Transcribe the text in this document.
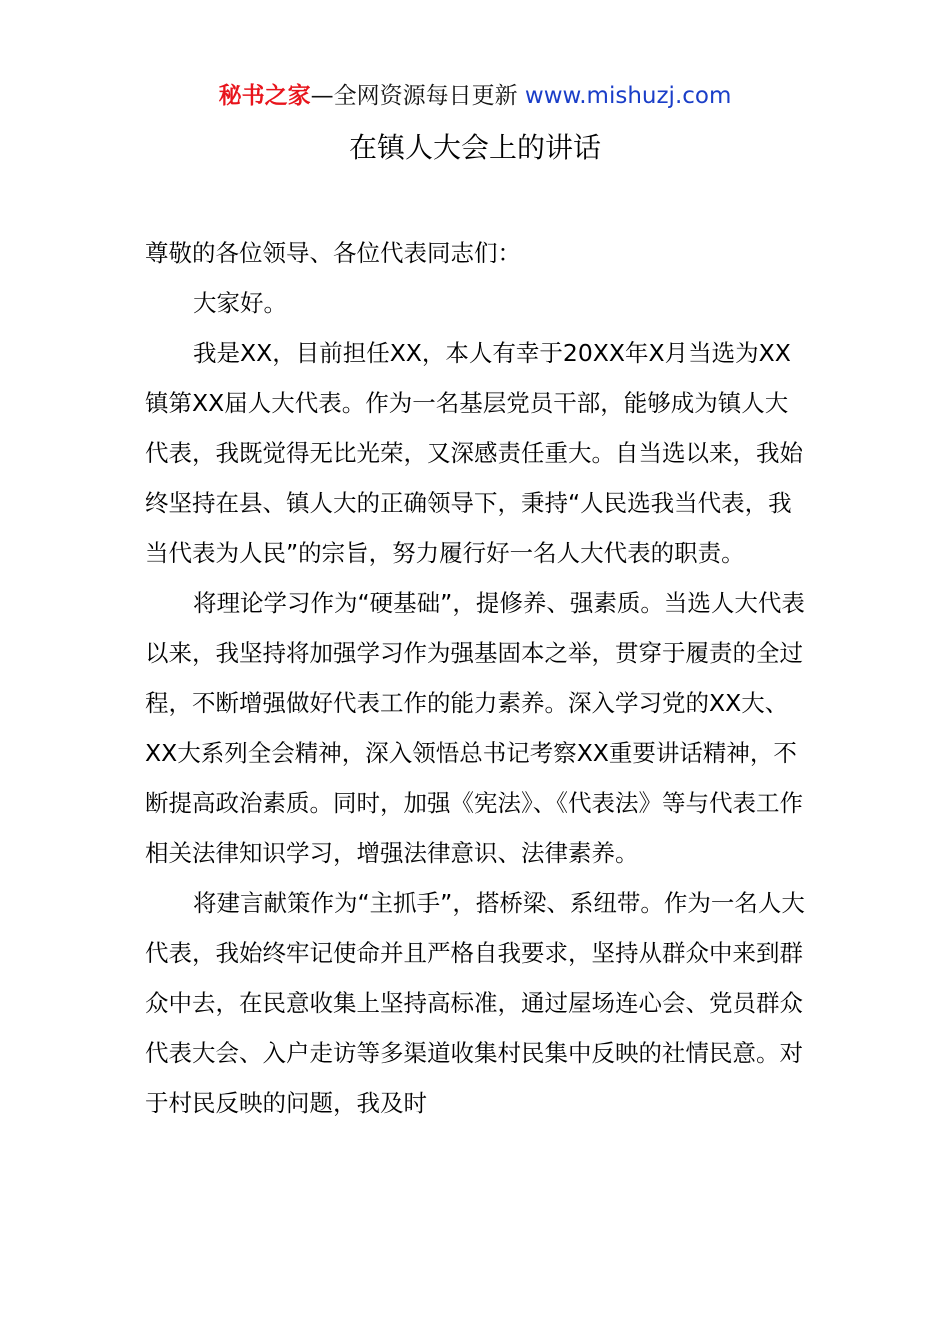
秘书之家—全网资源每日更新 www.mishuzj.com
在镇人大会上的讲话

尊敬的各位领导、各位代表同志们：

大家好。

我是XX，目前担任XX，本人有幸于20XX年X月当选为XX镇第XX届人大代表。作为一名基层党员干部，能够成为镇人大代表，我既觉得无比光荣，又深感责任重大。自当选以来，我始终坚持在县、镇人大的正确领导下，秉持“人民选我当代表，我当代表为人民”的宗旨，努力履行好一名人大代表的职责。

将理论学习作为“硬基础”，提修养、强素质。当选人大代表以来，我坚持将加强学习作为强基固本之举，贯穿于履责的全过程，不断增强做好代表工作的能力素养。深入学习党的XX大、XX大系列全会精神，深入领悟总书记考察XX重要讲话精神，不断提高政治素质。同时，加强《宪法》、《代表法》等与代表工作相关法律知识学习，增强法律意识、法律素养。

将建言献策作为“主抓手”，搭桥梁、系纽带。作为一名人大代表，我始终牢记使命并且严格自我要求，坚持从群众中来到群众中去，在民意收集上坚持高标准，通过屋场连心会、党员群众代表大会、入户走访等多渠道收集村民集中反映的社情民意。对于村民反映的问题，我及时
